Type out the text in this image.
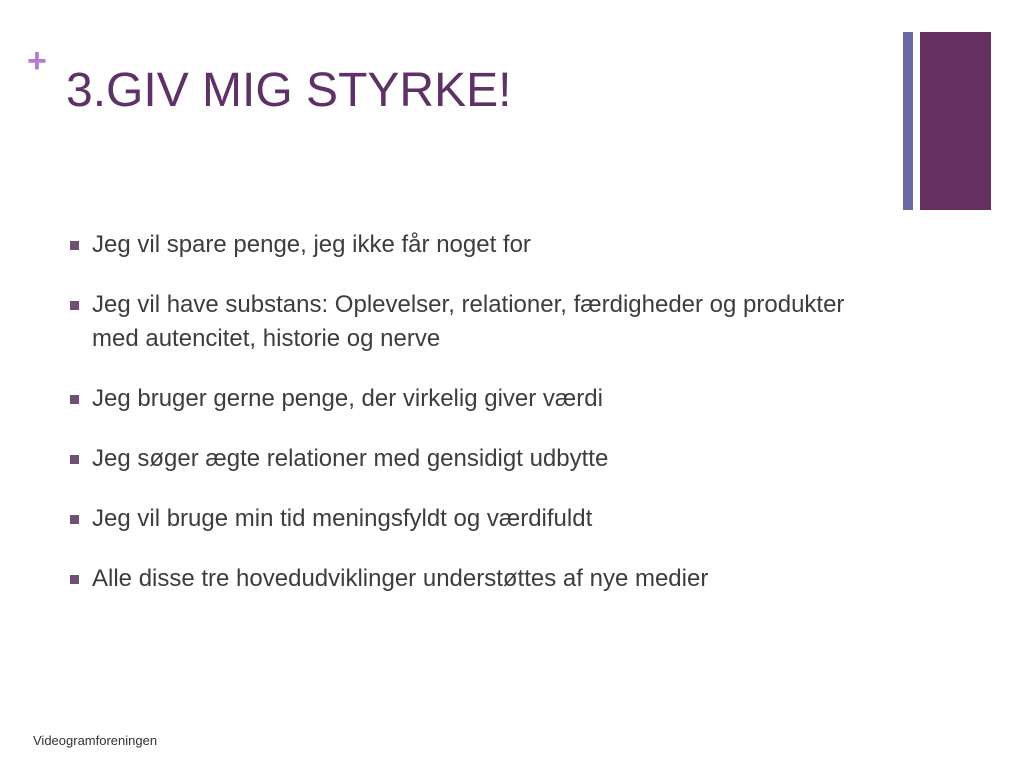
+
3.GIV MIG STYRKE!
Jeg vil spare penge, jeg ikke får noget for
Jeg vil have substans: Oplevelser, relationer, færdigheder og produkter med autencitet, historie og nerve
Jeg bruger gerne penge, der virkelig giver værdi
Jeg søger ægte relationer med gensidigt udbytte
Jeg vil bruge min tid meningsfyldt og værdifuldt
Alle disse tre hovedudviklinger understøttes af nye medier
Videogramforeningen
